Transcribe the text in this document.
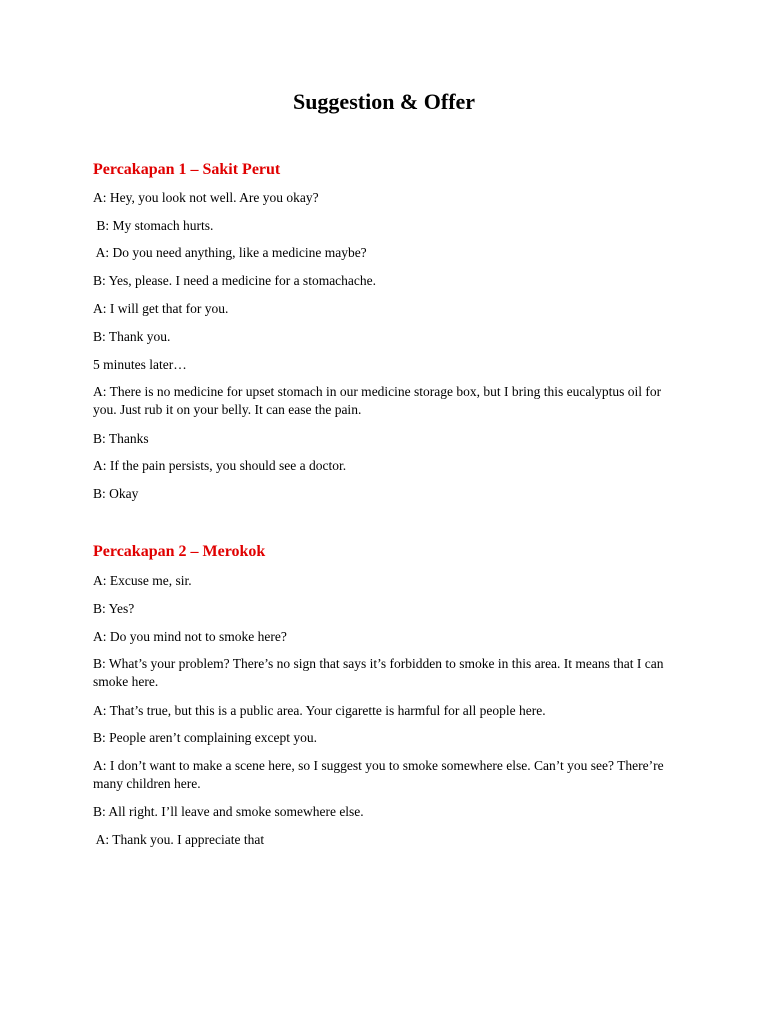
Suggestion & Offer
Percakapan 1 – Sakit Perut
A: Hey, you look not well. Are you okay?
B: My stomach hurts.
A: Do you need anything, like a medicine maybe?
B: Yes, please. I need a medicine for a stomachache.
A: I will get that for you.
B: Thank you.
5 minutes later…
A: There is no medicine for upset stomach in our medicine storage box, but I bring this eucalyptus oil for you. Just rub it on your belly. It can ease the pain.
B: Thanks
A: If the pain persists, you should see a doctor.
B: Okay
Percakapan 2 – Merokok
A: Excuse me, sir.
B: Yes?
A: Do you mind not to smoke here?
B: What’s your problem? There’s no sign that says it’s forbidden to smoke in this area. It means that I can smoke here.
A: That’s true, but this is a public area. Your cigarette is harmful for all people here.
B: People aren’t complaining except you.
A: I don’t want to make a scene here, so I suggest you to smoke somewhere else. Can’t you see? There’re many children here.
B: All right. I’ll leave and smoke somewhere else.
A: Thank you. I appreciate that
